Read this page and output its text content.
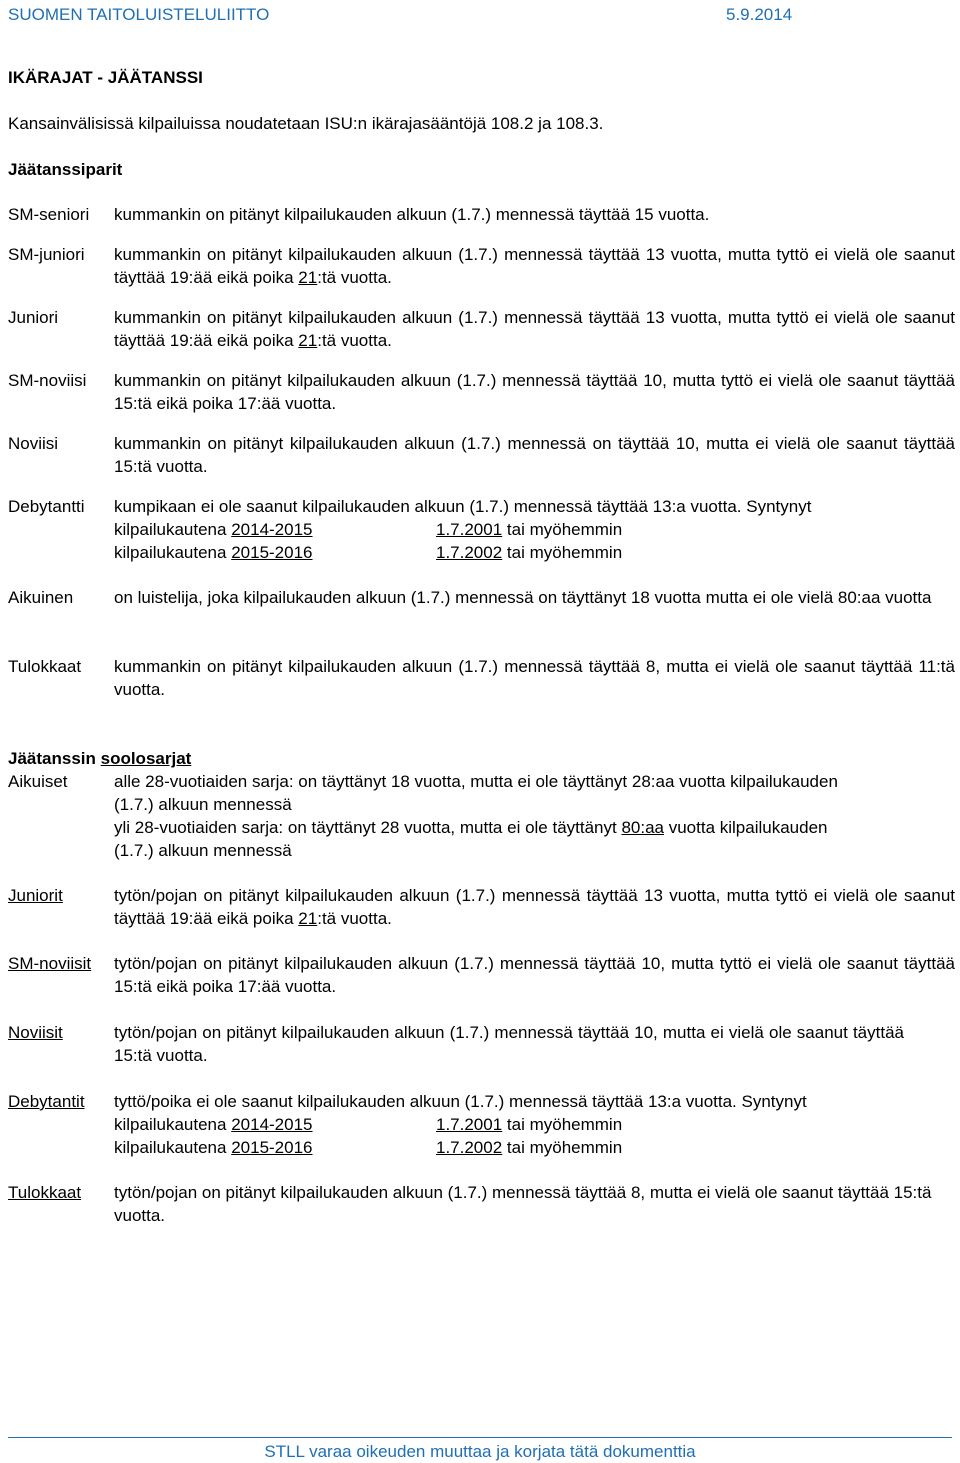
SUOMEN TAITOLUISTELULIITTO	5.9.2014
IKÄRAJAT - JÄÄTANSSI
Kansainvälisissä kilpailuissa noudatetaan ISU:n ikärajasääntöjä 108.2 ja 108.3.
Jäätanssiparit
SM-seniori	kummankin on pitänyt kilpailukauden alkuun (1.7.) mennessä täyttää 15 vuotta.
SM-juniori	kummankin on pitänyt kilpailukauden alkuun (1.7.) mennessä täyttää 13 vuotta, mutta tyttö ei vielä ole saanut täyttää 19:ää eikä poika 21:tä vuotta.
Juniori	kummankin on pitänyt kilpailukauden alkuun (1.7.) mennessä täyttää 13 vuotta, mutta tyttö ei vielä ole saanut täyttää 19:ää eikä poika 21:tä vuotta.
SM-noviisi	kummankin on pitänyt kilpailukauden alkuun (1.7.) mennessä täyttää 10, mutta tyttö ei vielä ole saanut täyttää 15:tä eikä poika 17:ää vuotta.
Noviisi	kummankin on pitänyt kilpailukauden alkuun (1.7.) mennessä on täyttää 10, mutta ei vielä ole saanut täyttää 15:tä vuotta.
Debytantti	kumpikaan ei ole saanut kilpailukauden alkuun (1.7.) mennessä täyttää 13:a vuotta. Syntynyt
kilpailukautena 2014-2015	1.7.2001 tai myöhemmin
kilpailukautena 2015-2016	1.7.2002 tai myöhemmin
Aikuinen	on luistelija, joka kilpailukauden alkuun (1.7.) mennessä on täyttänyt 18 vuotta mutta ei ole vielä 80:aa vuotta
Tulokkaat	kummankin on pitänyt kilpailukauden alkuun (1.7.) mennessä täyttää 8, mutta ei vielä ole saanut täyttää 11:tä vuotta.
Jäätanssin soolosarjat
Aikuiset	alle 28-vuotiaiden sarja: on täyttänyt 18 vuotta, mutta ei ole täyttänyt 28:aa vuotta kilpailukauden (1.7.) alkuun mennessä
yli 28-vuotiaiden sarja: on täyttänyt 28 vuotta, mutta ei ole täyttänyt 80:aa vuotta kilpailukauden (1.7.) alkuun mennessä
Juniorit	tytön/pojan on pitänyt kilpailukauden alkuun (1.7.) mennessä täyttää 13 vuotta, mutta tyttö ei vielä ole saanut täyttää 19:ää eikä poika 21:tä vuotta.
SM-noviisit	tytön/pojan on pitänyt kilpailukauden alkuun (1.7.) mennessä täyttää 10, mutta tyttö ei vielä ole saanut täyttää 15:tä eikä poika 17:ää vuotta.
Noviisit	tytön/pojan on pitänyt kilpailukauden alkuun (1.7.) mennessä täyttää 10, mutta ei vielä ole saanut täyttää 15:tä vuotta.
Debytantit	tyttö/poika ei ole saanut kilpailukauden alkuun (1.7.) mennessä täyttää 13:a vuotta. Syntynyt
kilpailukautena 2014-2015	1.7.2001 tai myöhemmin
kilpailukautena 2015-2016	1.7.2002 tai myöhemmin
Tulokkaat	tytön/pojan on pitänyt kilpailukauden alkuun (1.7.) mennessä täyttää 8, mutta ei vielä ole saanut täyttää 15:tä vuotta.
STLL varaa oikeuden muuttaa ja korjata tätä dokumenttia
